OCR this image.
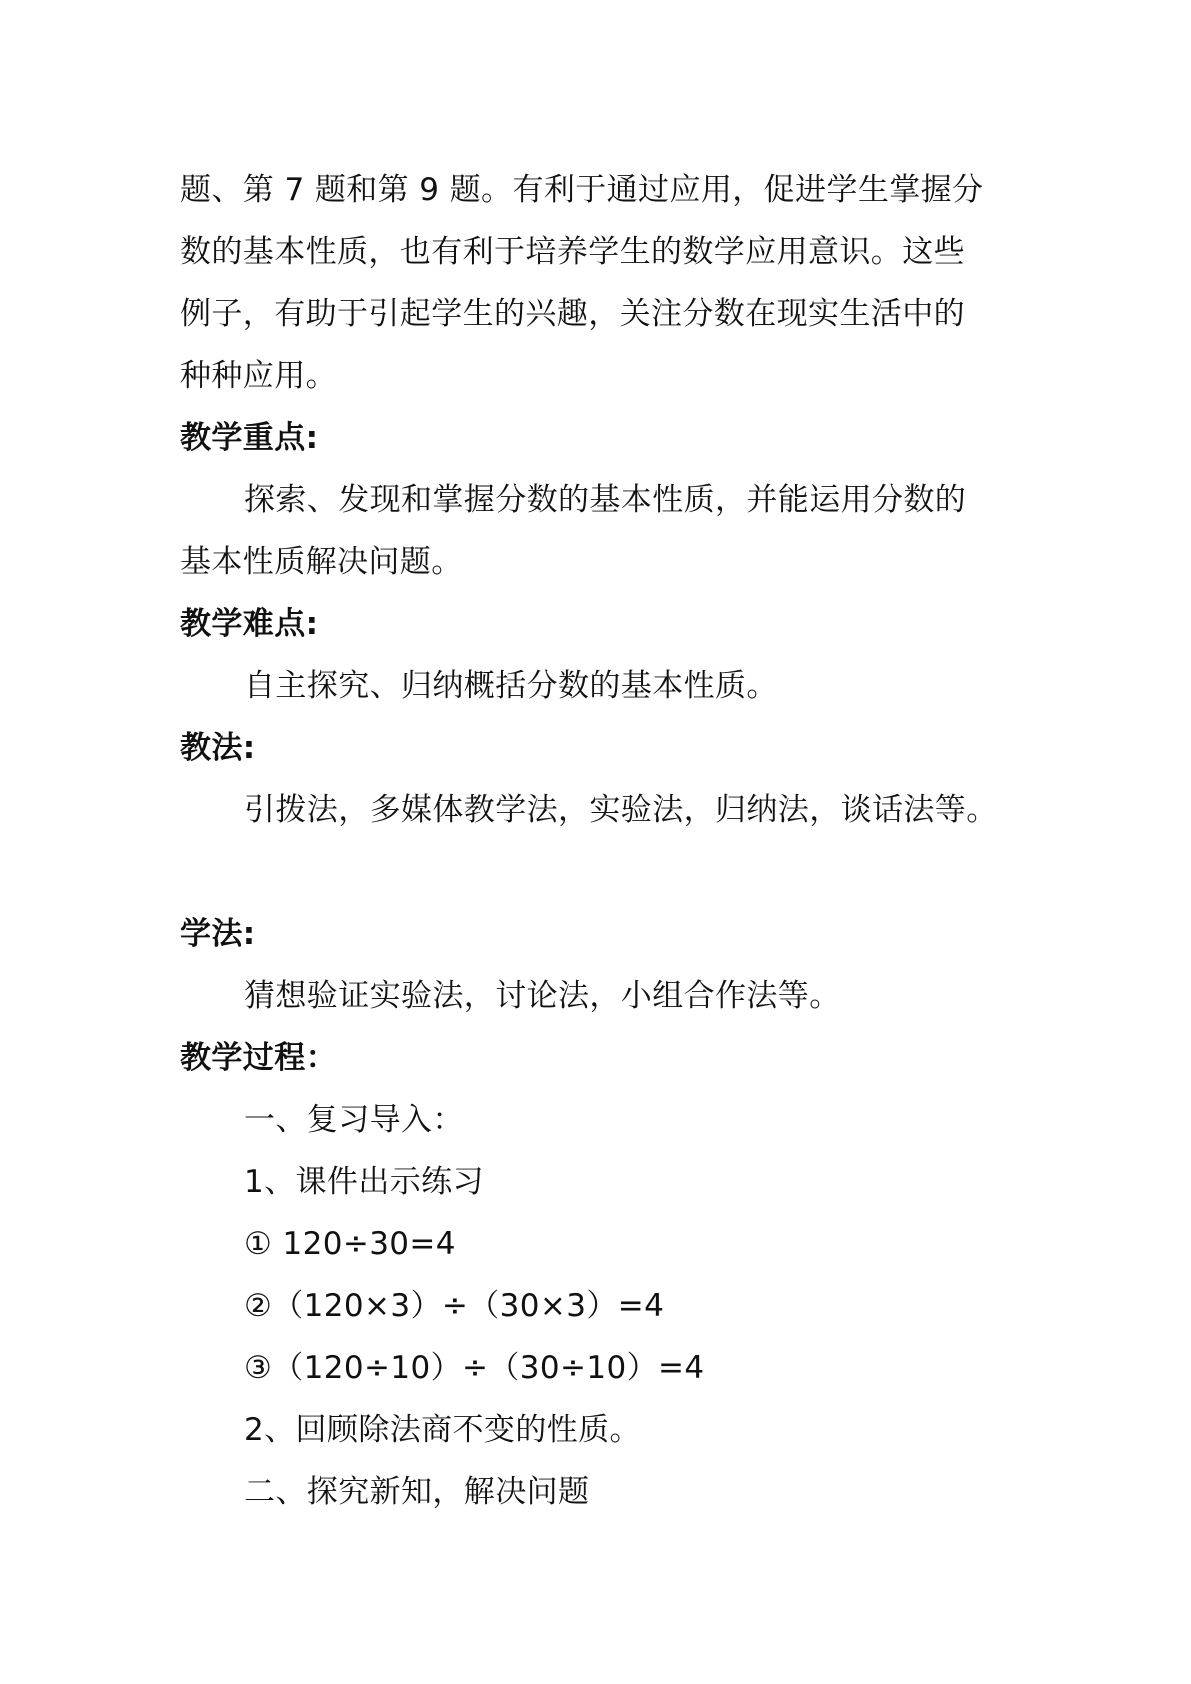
题、第 7 题和第 9 题。有利于通过应用，促进学生掌握分
数的基本性质，也有利于培养学生的数学应用意识。这些
例子，有助于引起学生的兴趣，关注分数在现实生活中的
种种应用。
教学重点:
探索、发现和掌握分数的基本性质，并能运用分数的
基本性质解决问题。
教学难点:
自主探究、归纳概括分数的基本性质。
教法:
引拨法，多媒体教学法，实验法，归纳法，谈话法等。
学法:
猜想验证实验法，讨论法，小组合作法等。
教学过程：
一、复习导入：
1、课件出示练习
① 120÷30=4
②（120×3）÷（30×3）=4
③（120÷10）÷（30÷10）=4
2、回顾除法商不变的性质。
二、探究新知，解决问题
